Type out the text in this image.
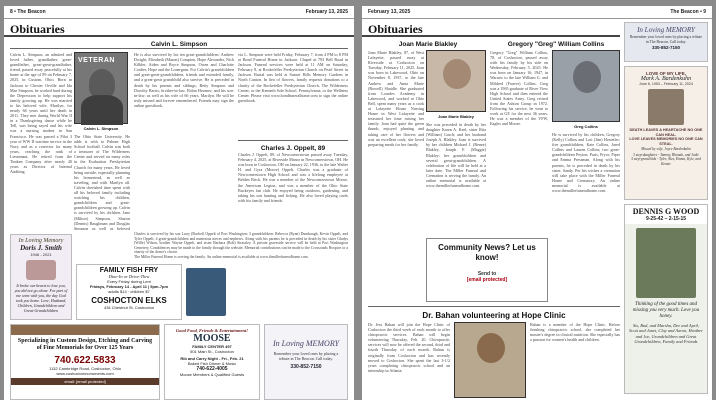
8 • The Beacon	February 13, 2025
Obituaries
Calvin L. Simpson
Calvin L. Simpson, an admired and loved father, grandfather, great-grandfather, great-great-grandfather, friend, passed away peacefully at his home at the age of 89 on February 7, 2025, in Custom, Ohio. Born in Jackson to Chester Orville and Ida Mae Simpson, he worked hard during the Depression to help support his family growing up. He was married to his beloved wife, Marilyn, for nearly 66 years until her death in 2011. They met during World War II in a Thanksgiving dance while he Tell, was being sayed and his wife was a nursing student in San Francisco. He was passed a Pilot 3 year of WW II wartime service in the Navy and as a corrector for many years, reaching the rank of Lieutenant. He retired from the Timken Company after nearly 40 years as Director of Internal Auditing.
VETERAN
Calvin L. Simpson
The Ohio State University. He adds is with to Palmer High School football. Calvin was both a treasurer of The Wilderness Center and served on many roles in the Evaluation Presbyterian Church for many years. He loved being outside, especially planning his homestead, as well as traveling, and with Marilyn all. Calvin cherished time spent with all his beloved family including watching his children, grandchildren and great-grandchildren growing up. Calvin is survived by his children, Jane (Milton) Simpson, Sharon (Dennis) Baughman and Douglas Simpson as well as beloved
He is also survived by his ten great-grandchildren: Andrew Dwight, Elizabeth (Mason) Compton, Hope Alexander, Nick Kilbler, Aiden and Bryce Simpson, Owen and Charlotte Coulter, Hope and the Lonergans. For Calvin's grandchildren and great-great-grandchildren, friends and extended family, and a great-great grandchild also survive. He is preceded in death by his parents and siblings, Betty Simpson and Dorothy Barris; brother-in-law, Eldon Hoomer; and his son-in-law; as well as his wife of 66 years, Marilyn. He will be truly missed and forever remembered. Friends may sign the online guestbook.
via L. Simpson were held Friday, February 7, from 4 PM to 8 PM at Bond Funeral Home in Jackson. Chapel at 793 Bell Road in Jackson. Funeral services were held at 11 AM on Saturday, February 8, at Rockefeller Presbyterian Church on Pearl Street in Jackson. Burial was held at Sunset Hills Memory Gardens in North Canton. In lieu of flowers, family requests donations to a charity of the Rockefeller Presbyterian Church, The Wilderness Center, or the Kenneth Sole School, Pennsylvania, or the Wellness Center. Please visit www.bondfuneralhome.com to sign the online guestbook.
Charles J. Oppelt, 89
Charles J. Oppelt, 89, of Newcomerstown passed away Tuesday, February 4, 2025, at Riverside Manor in Newcomerstown, OH. He was born in Coshocton, OH on January 22, 1936, to the late Walter H. and Gyra (Moore) Oppelt. Charles was a graduate of Newcomerstown High School and was a lifelong employee at Belden Brick. He was a member of the Newcomerstown Moose, the American Legion, and was a member of the Ohio State Buckeyes fan club. He enjoyed being outdoors, gardening, and taking his son hunting and fishing. He also loved playing cards with his family and friends.
Charles is survived by his son Larry (Rachel) Oppelt of Port Washington; 3 grandchildren: Rebecca (Ryan) Dumbaugh, Kevin Oppelt, and Tyler Oppelt; 4 great-grandchildren and numerous nieces and nephews. Along with his parents he is preceded in death by his sister Gladys (Wille) Wilson, brother Wayne Oppelt, and sister Barbara (Bob) Strassley. A private graveside service will be held at Port Washington Cemetery. Condolences may be made to the family through the website. Memorial contributions can be made to the Crossroads Hospice or a charity of the donor's choice.
The Miller Funeral Home is serving the family. An online memorial is available at www.thmillerfuneralhome.com.
In Loving Memory
Doris J. Smith
1946 - 2021
It broke our hearts to lose you, you did not go alone. For part of me went with you, the day God took you home. Love, Husband, Children, Grandchildren and Great-Grandchildren
FAMILY FISH FRY
Dine-In or Drive-Thru
Every Friday during Lent
Fridays, February 14 - April 11 | 5pm-7pm
adults $14 · children $7
COSHOCTON ELKS
434 Chestnut St, Coshocton
Specializing in Custom Design, Etching and Carving of Fine Memorials for Over 125 Years
740.622.5833
1132 Cambridge Road, Coshocton, Ohio
www.coshoctonmonuments.com
email: [email protected]
Good Food, Friends & Entertainment!
MOOSE
FAMILY CENTER 497
501 Main St., Coshocton
Rib and Carry Night - Fri., Feb. 21
Baked Fish Dinner & Music
740-622-4005
Moose Members & Qualified Guests
In Loving MEMORY
Remember your loved ones by placing a tribute in The Beacon. Call today.
330-852-7150
February 13, 2025	The Beacon • 9
Obituaries
Joan Marie Blakley
Joan Marie Blakley, 87, of West Lafayette, passed away at Riverside at Coshocton on Tuesday, February 11, 2025. Joan was born in Lakewood, Ohio on November 8, 1937, to the late Andrew and Anna Marie (Rowell) Shaidle. She graduated from Lourdes Academy in Lakewood, and worked at Ohio Bell, spent many years as a cook at Lafayette House Nursing Home in West Lafayette and treasured her time raising her family. Joan had quite the green thumb, enjoyed planting and taking care of her flowers and was an excellent cook; she loved preparing meals for her family.
Joan Marie Blakley
She was preceded in death by her daughter Karen A. Keel; sister Rita (William) Garch; and her husband Joseph A. Blakley. Joan is survived by her children Michael J. (Renee) Blakley, Joseph F. (Maggie) Blakley; her grandchildren and several great-grandchildren. A celebration of life will be held at a later date. The Miller Funeral and Cremation is serving the family. An online memorial is available at www.themillerfuneralhome.com.
Gregory "Greg" William Collins
Gregory "Greg" William Collins, 78, of Coshocton, passed away with his family by his side on Wednesday, February 5, 2025. He was born on January 16, 1947, in Warsaw to the late William G. and Mildred (Fauver) Collins. Greg was a 1965 graduate of River View High School and then entered the United States Army. Greg retired from the Ashton Group in 1972. Following his service, he went to work at GE for the next 36 years. He was a member of the VFW, Eagles and Moose.
Greg Collins
He is survived by his children, Gregory (Kelly) Collins and Lori (Jim) Hostetler; five grandchildren, Kate Collins, Jared Collins and Lauren Collins; two great-grandchildren Peyton, Paris, Pryor, Piper and Emma Pressman. Along with his parents, he is preceded in death by his sister, Sandy. Per his wishes a cremation will take place with the Miller Funeral Home and Crematory. An online memorial is available at www.themillerfuneralhome.com.
Community News? Let us know!
Send to
[email protected]
Dr. Bahan volunteering at Hope Clinic
Dr. Jess Bahan will join the Hope Clinic of Coshocton the third week of each month to offer chiropractic services. Bahan will begin volunteering Thursday, Feb. 20. Chiropractic services will now be offered the second, third and fourth Thursday of each month. Bahan is originally from Coshocton and has recently moved to Coshocton. She spent the last 3-1/2 years completing chiropractic school and an internship in Atlanta.
Bahan is a member of the Hope Clinic. Before finishing chiropractic school, she completed her master's degree in clinical nutrition. She especially has a passion for women's health and children.
In Loving MEMORY
Remember your loved ones by placing a tribute in The Beacon. Call today.
330-852-7150
LOVE OF MY LIFE,
Mark A. Bardenkuhn
June 6, 1953 – February 11, 2024
DEATH LEAVES A HEARTACHE NO ONE CAN HEAL.
LOVE LEAVES MEMORIES NO ONE CAN STEAL.
Missed by wife, Joyce Bardenkuhn
3 step-daughters - Tammy, Rhonda, and Jodie
5 step-grand kids - Tyler, Alex, Emma, Kyle, and Kenzie
DENNIS G WOOD
9-25-42 – 2-15-15
Thinking of the good times and missing you very much. Love you honey.
Sis, Bud, and Marsha, Dee and April, Scott and Janet, Clay and Aaron, Heather and Joe, Grandchildren and Great Grandchildren, Family and Friends
